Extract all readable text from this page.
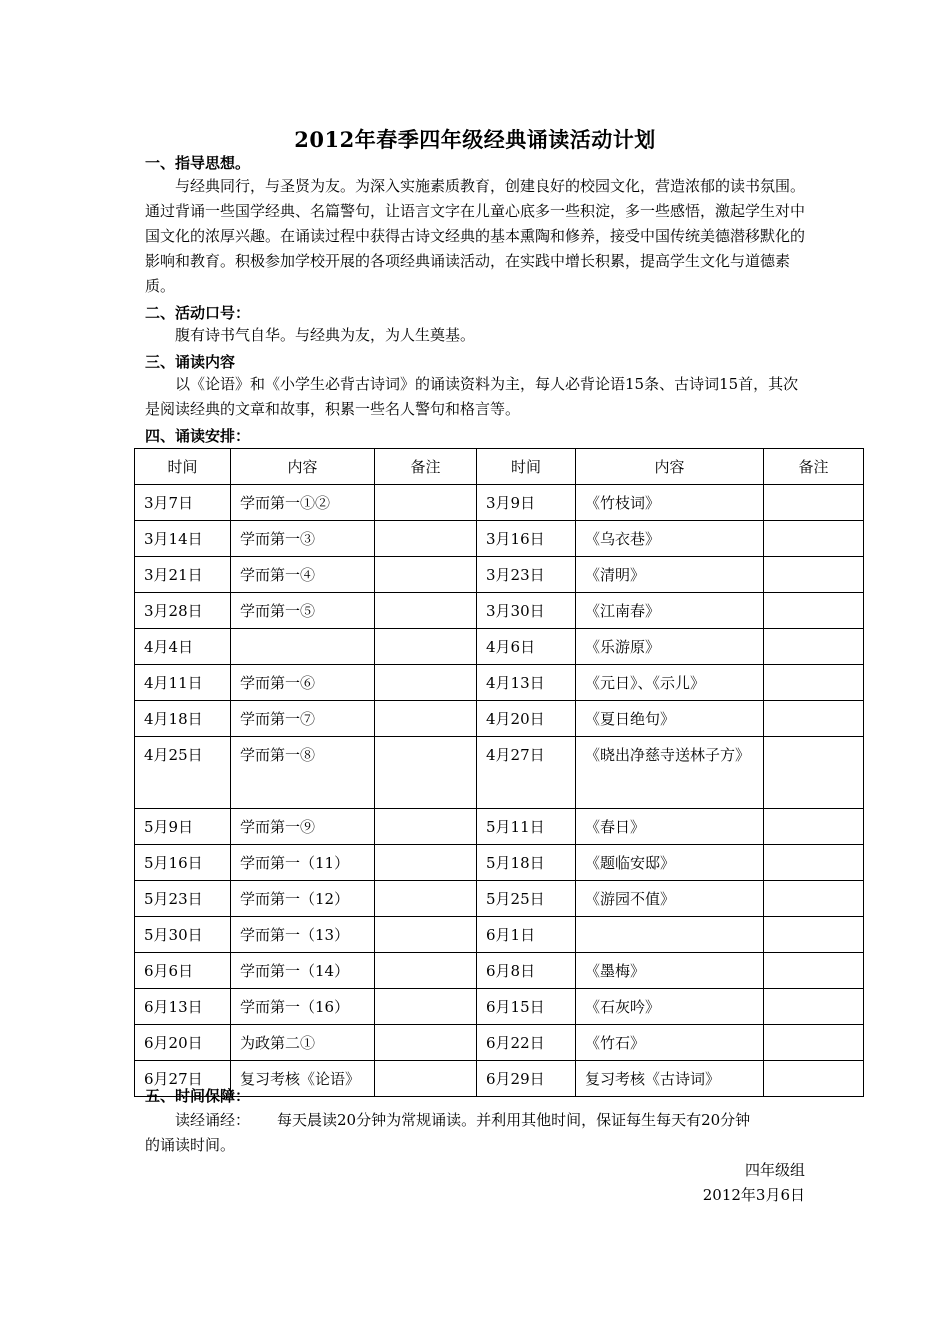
2012年春季四年级经典诵读活动计划
一、指导思想。
与经典同行，与圣贤为友。为深入实施素质教育，创建良好的校园文化，营造浓郁的读书氛围。通过背诵一些国学经典、名篇警句，让语言文字在儿童心底多一些积淀，多一些感悟，激起学生对中国文化的浓厚兴趣。在诵读过程中获得古诗文经典的基本熏陶和修养，接受中国传统美德潜移默化的影响和教育。积极参加学校开展的各项经典诵读活动，在实践中增长积累，提高学生文化与道德素质。
二、活动口号：
腹有诗书气自华。与经典为友，为人生奠基。
三、诵读内容
以《论语》和《小学生必背古诗词》的诵读资料为主，每人必背论语15条、古诗词15首，其次是阅读经典的文章和故事，积累一些名人警句和格言等。
四、诵读安排：
时间	内容	备注	时间	内容	备注
3月7日	学而第一①②		3月9日	《竹枝词》	
3月14日	学而第一③		3月16日	《乌衣巷》	
3月21日	学而第一④		3月23日	《清明》	
3月28日	学而第一⑤		3月30日	《江南春》	
4月4日			4月6日	《乐游原》	
4月11日	学而第一⑥		4月13日	《元日》、《示儿》	
4月18日	学而第一⑦		4月20日	《夏日绝句》	
4月25日	学而第一⑧		4月27日	《晓出净慈寺送林子方》	
5月9日	学而第一⑨		5月11日	《春日》	
5月16日	学而第一（11）		5月18日	《题临安邸》	
5月23日	学而第一（12）		5月25日	《游园不值》	
5月30日	学而第一（13）		6月1日		
6月6日	学而第一（14）		6月8日	《墨梅》	
6月13日	学而第一（16）		6月15日	《石灰吟》	
6月20日	为政第二①		6月22日	《竹石》	
6月27日	复习考核《论语》		6月29日	复习考核《古诗词》	
五、时间保障：
读经诵经： 每天晨读20分钟为常规诵读。并利用其他时间，保证每生每天有20分钟
的诵读时间。
四年级组
2012年3月6日
